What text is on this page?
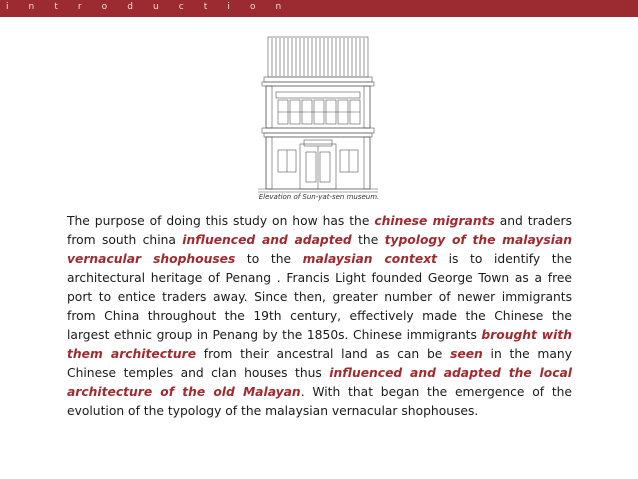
i n t r o d u c t i o n
Elevation of Sun-yat-sen museum.

The purpose of doing this study on how has the chinese migrants and traders from south china influenced and adapted the typology of the malaysian vernacular shophouses to the malaysian context is to identify the architectural heritage of Penang . Francis Light founded George Town as a free port to entice traders away. Since then, greater number of newer immigrants from China throughout the 19th century, effectively made the Chinese the largest ethnic group in Penang by the 1850s. Chinese immigrants brought with them architecture from their ancestral land as can be seen in the many Chinese temples and clan houses thus influenced and adapted the local architecture of the old Malayan. With that began the emergence of the evolution of the typology of the malaysian vernacular shophouses.
